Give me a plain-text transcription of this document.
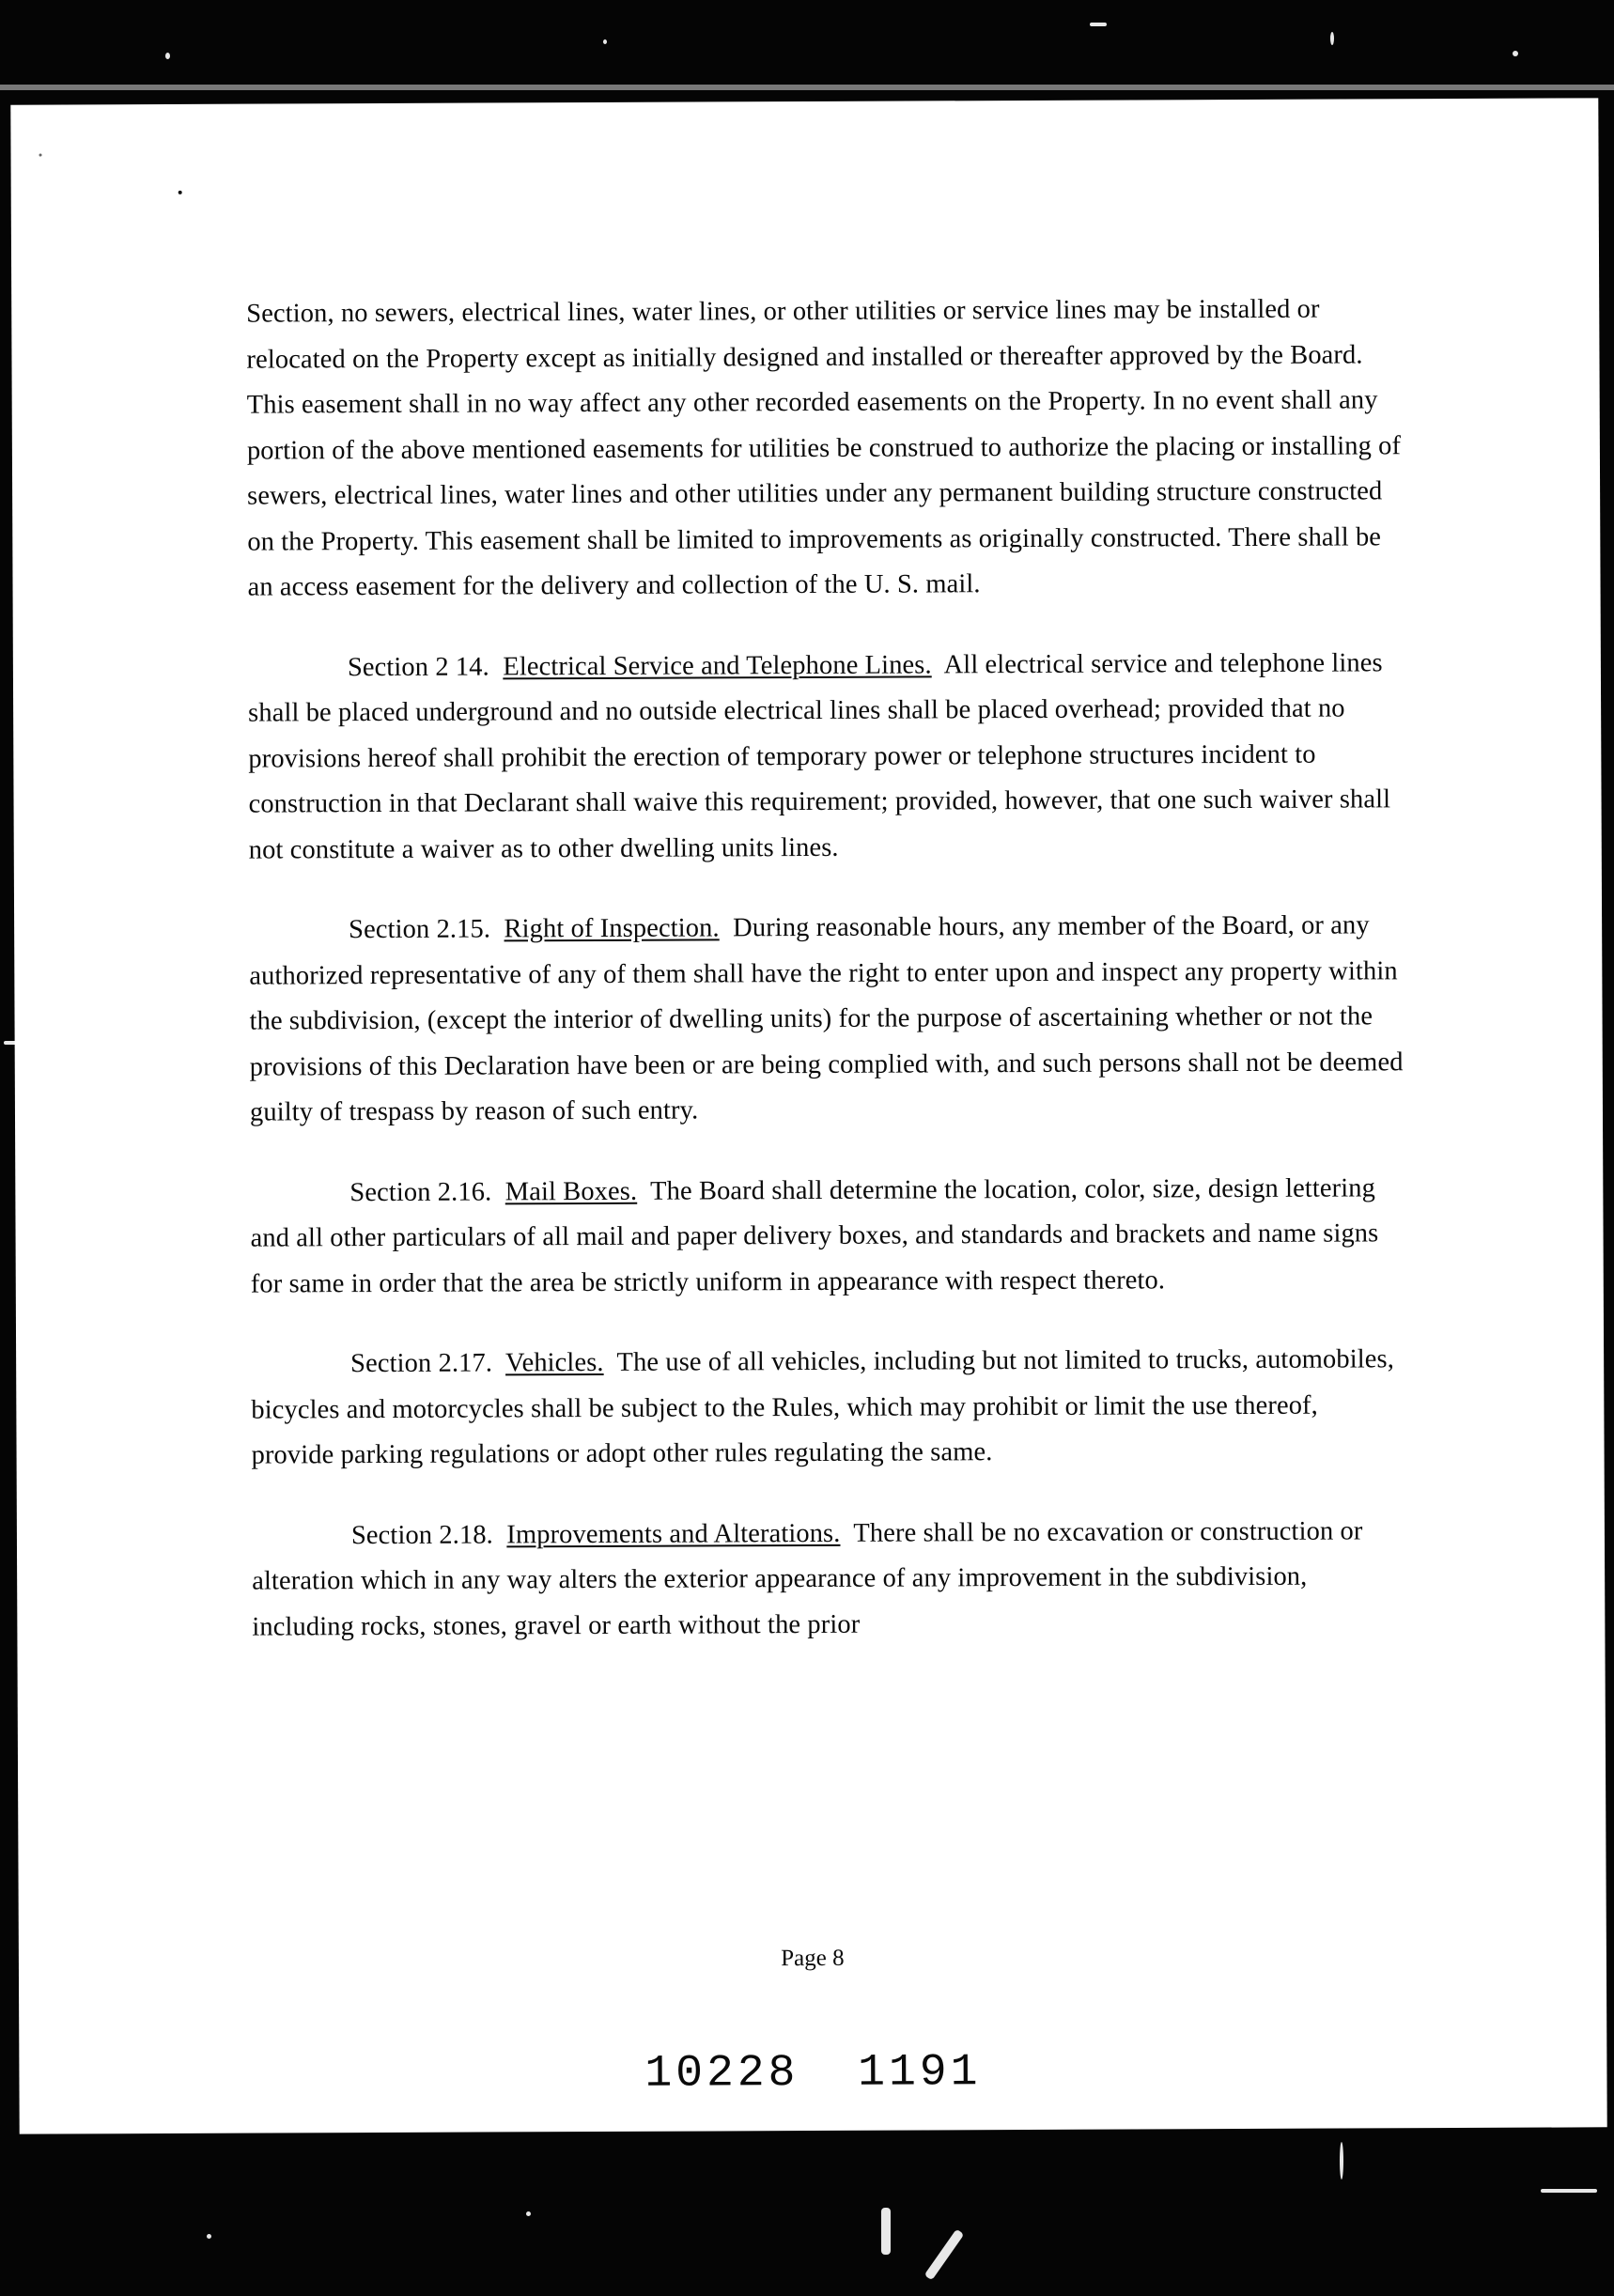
Section, no sewers, electrical lines, water lines, or other utilities or service lines may be installed or relocated on the Property except as initially designed and installed or thereafter approved by the Board. This easement shall in no way affect any other recorded easements on the Property. In no event shall any portion of the above mentioned easements for utilities be construed to authorize the placing or installing of sewers, electrical lines, water lines and other utilities under any permanent building structure constructed on the Property. This easement shall be limited to improvements as originally constructed. There shall be an access easement for the delivery and collection of the U. S. mail.

Section 2 14. Electrical Service and Telephone Lines. All electrical service and telephone lines shall be placed underground and no outside electrical lines shall be placed overhead; provided that no provisions hereof shall prohibit the erection of temporary power or telephone structures incident to construction in that Declarant shall waive this requirement; provided, however, that one such waiver shall not constitute a waiver as to other dwelling units lines.

Section 2.15. Right of Inspection. During reasonable hours, any member of the Board, or any authorized representative of any of them shall have the right to enter upon and inspect any property within the subdivision, (except the interior of dwelling units) for the purpose of ascertaining whether or not the provisions of this Declaration have been or are being complied with, and such persons shall not be deemed guilty of trespass by reason of such entry.

Section 2.16. Mail Boxes. The Board shall determine the location, color, size, design lettering and all other particulars of all mail and paper delivery boxes, and standards and brackets and name signs for same in order that the area be strictly uniform in appearance with respect thereto.

Section 2.17. Vehicles. The use of all vehicles, including but not limited to trucks, automobiles, bicycles and motorcycles shall be subject to the Rules, which may prohibit or limit the use thereof, provide parking regulations or adopt other rules regulating the same.

Section 2.18. Improvements and Alterations. There shall be no excavation or construction or alteration which in any way alters the exterior appearance of any improvement in the subdivision, including rocks, stones, gravel or earth without the prior

Page 8
10228 1191
